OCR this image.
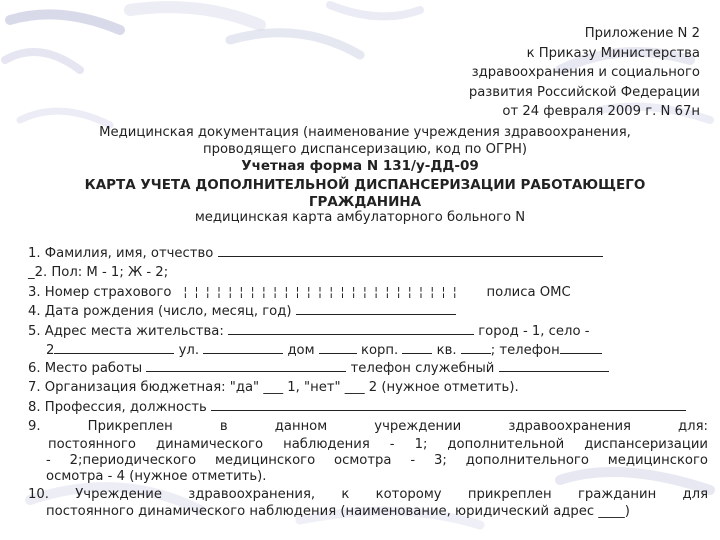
Приложение N 2
к Приказу Министерства
здравоохранения и социального
развития Российской Федерации
от 24 февраля 2009 г. N 67н
Медицинская документация (наименование учреждения здравоохранения,
проводящего диспансеризацию, код по ОГРН)
Учетная форма N 131/у-ДД-09
КАРТА УЧЕТА ДОПОЛНИТЕЛЬНОЙ ДИСПАНСЕРИЗАЦИИ РАБОТАЮЩЕГО
ГРАЖДАНИНА
медицинская карта амбулаторного больного N
1. Фамилия, имя, отчество
_2. Пол: М - 1; Ж - 2;
3. Номер страхового ¦¦¦¦¦¦¦¦¦¦¦¦¦¦¦¦¦¦¦¦¦¦¦¦¦ полиса ОМС
4. Дата рождения (число, месяц, год)
5. Адрес места жительства:	город - 1, село -
2	ул.	дом	корп.	кв.	; телефон
6. Место работы	телефон служебный
7. Организация бюджетная: "да" ___ 1, "нет" ___ 2 (нужное отметить).
8. Профессия, должность
9. Прикреплен в данном учреждении здравоохранения для:
постоянного динамического наблюдения - 1; дополнительной диспансеризации
- 2;периодического медицинского осмотра - 3; дополнительного медицинского
осмотра - 4 (нужное отметить).
10. Учреждение здравоохранения, к которому прикреплен гражданин для
постоянного динамического наблюдения (наименование, юридический адрес ____)
